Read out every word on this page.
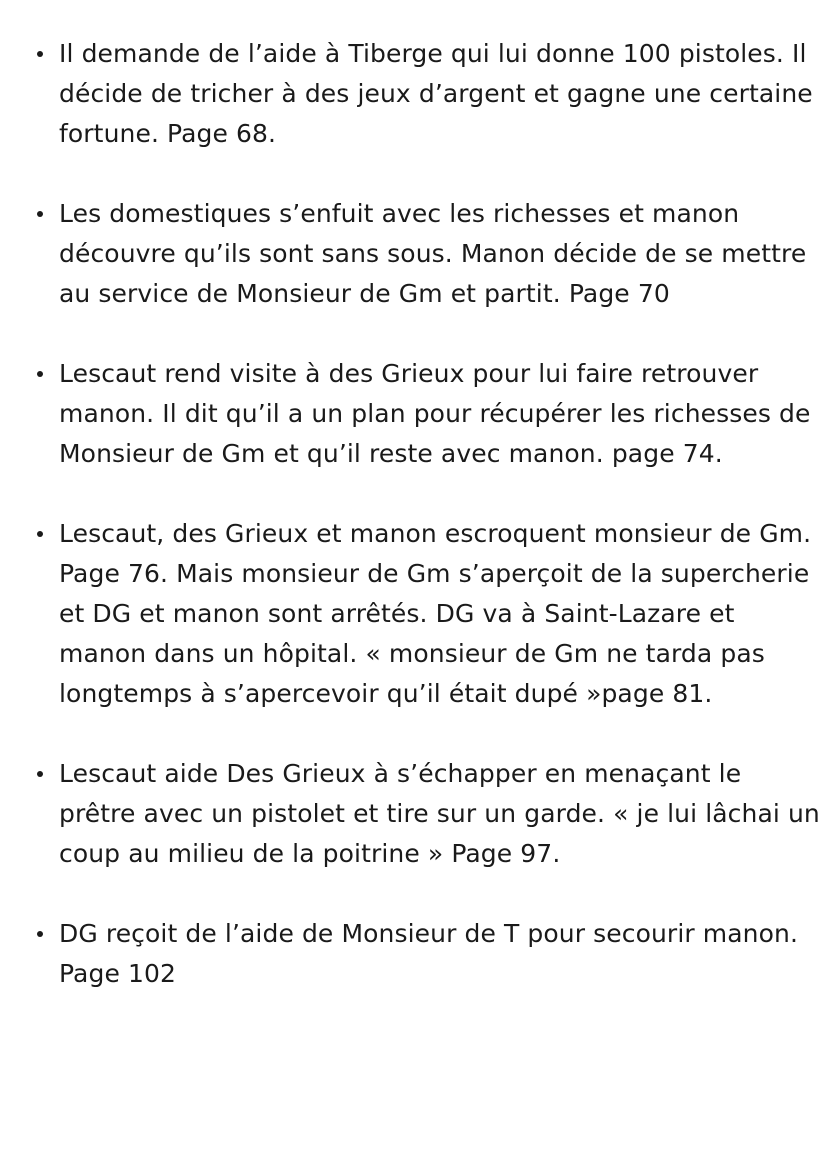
Il demande de l’aide à Tiberge qui lui donne 100 pistoles. Il décide de tricher à des jeux d’argent et gagne une certaine fortune. Page 68.
Les domestiques s’enfuit avec les richesses et manon découvre qu’ils sont sans sous. Manon décide de se mettre au service de Monsieur de Gm et partit. Page 70
Lescaut rend visite à des Grieux pour lui faire retrouver manon. Il dit qu’il a un plan pour récupérer les richesses de Monsieur de Gm et qu’il reste avec manon. page 74.
Lescaut, des Grieux et manon escroquent monsieur de Gm. Page 76. Mais monsieur de Gm s’aperçoit de la supercherie et DG et manon sont arrêtés. DG va à Saint-Lazare et manon dans un hôpital. « monsieur de Gm ne tarda pas longtemps à s’apercevoir qu’il était dupé »page 81.
Lescaut aide Des Grieux à s’échapper en menaçant le prêtre avec un pistolet et tire sur un garde. « je lui lâchai un coup au milieu de la poitrine » Page 97.
DG reçoit de l’aide de Monsieur de T pour secourir manon. Page 102
